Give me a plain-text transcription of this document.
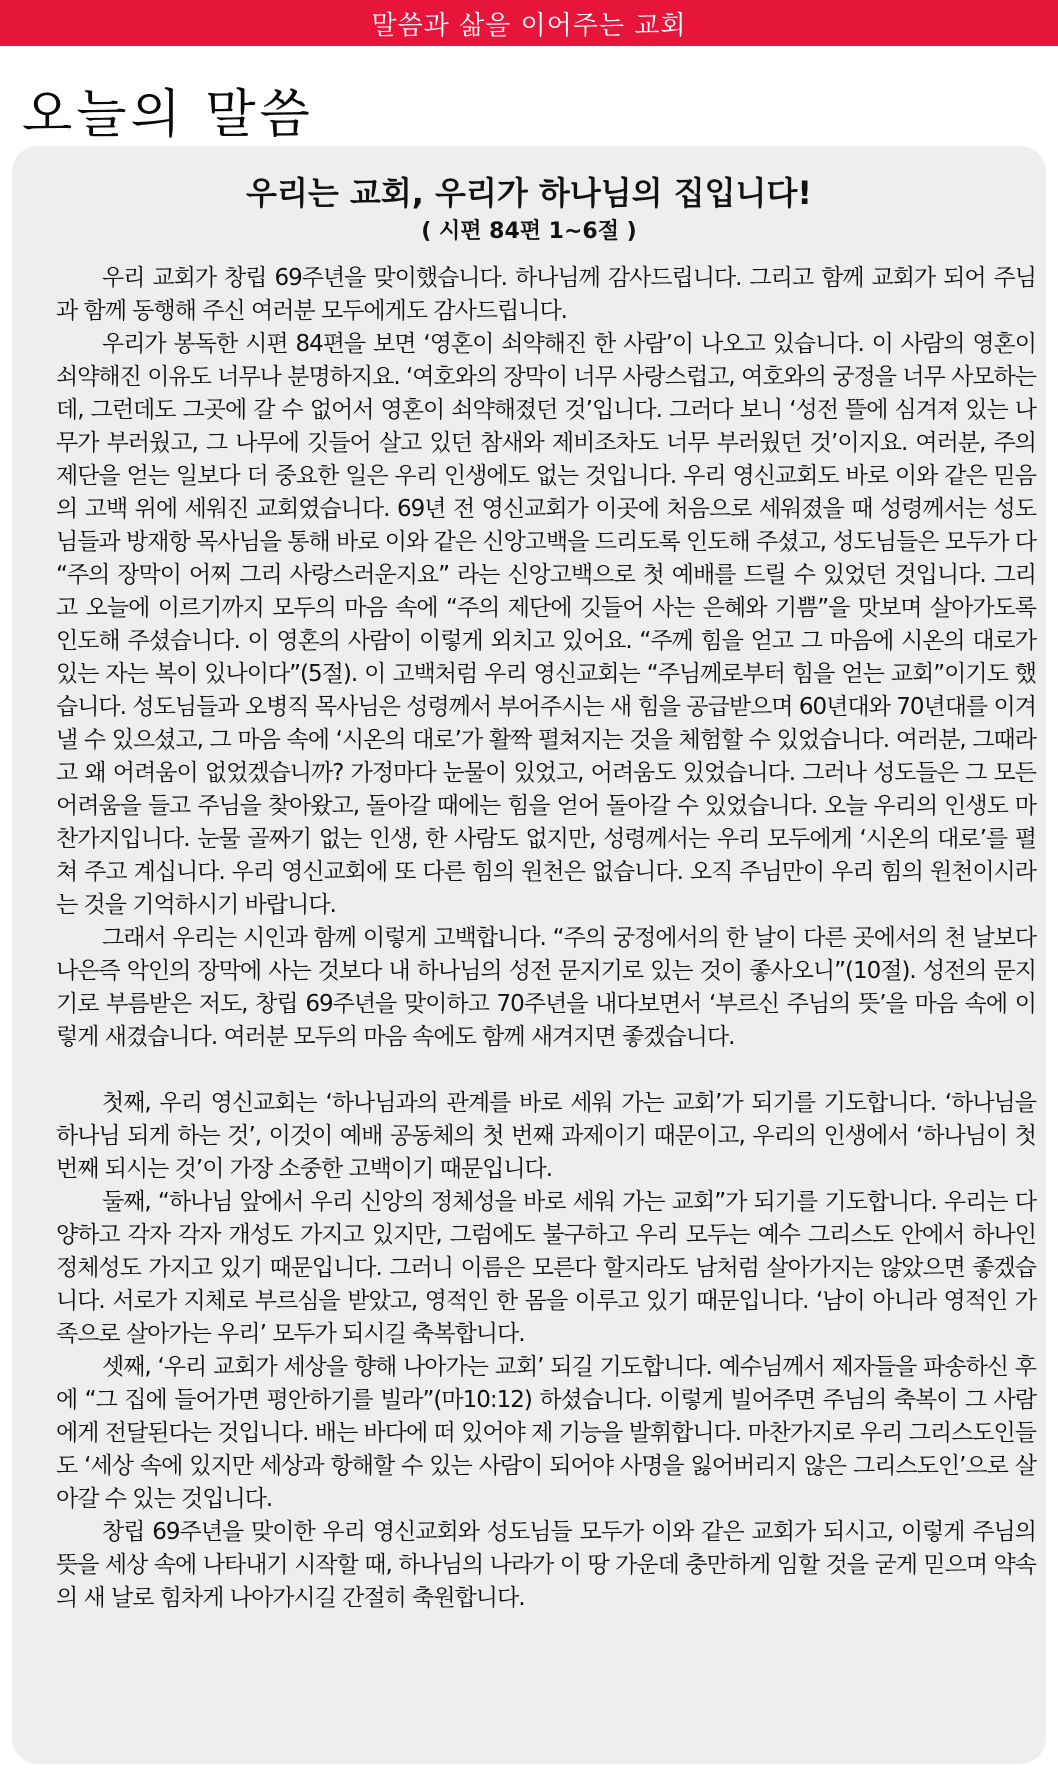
말씀과 삶을 이어주는 교회
오늘의 말씀
우리는 교회, 우리가 하나님의 집입니다!
( 시편 84편 1~6절 )

우리 교회가 창립 69주년을 맞이했습니다. 하나님께 감사드립니다. 그리고 함께 교회가 되어 주님과 함께 동행해 주신 여러분 모두에게도 감사드립니다.

우리가 봉독한 시편 84편을 보면 ‘영혼이 쇠약해진 한 사람’이 나오고 있습니다. 이 사람의 영혼이 쇠약해진 이유도 너무나 분명하지요. ‘여호와의 장막이 너무 사랑스럽고, 여호와의 궁정을 너무 사모하는데, 그런데도 그곳에 갈 수 없어서 영혼이 쇠약해졌던 것’입니다. 그러다 보니 ‘성전 뜰에 심겨져 있는 나무가 부러웠고, 그 나무에 깃들어 살고 있던 참새와 제비조차도 너무 부러웠던 것’이지요. 여러분, 주의 제단을 얻는 일보다 더 중요한 일은 우리 인생에도 없는 것입니다. 우리 영신교회도 바로 이와 같은 믿음의 고백 위에 세워진 교회였습니다. 69년 전 영신교회가 이곳에 처음으로 세워졌을 때 성령께서는 성도님들과 방재항 목사님을 통해 바로 이와 같은 신앙고백을 드리도록 인도해 주셨고, 성도님들은 모두가 다 “주의 장막이 어찌 그리 사랑스러운지요” 라는 신앙고백으로 첫 예배를 드릴 수 있었던 것입니다. 그리고 오늘에 이르기까지 모두의 마음 속에 “주의 제단에 깃들어 사는 은혜와 기쁨”을 맛보며 살아가도록 인도해 주셨습니다. 이 영혼의 사람이 이렇게 외치고 있어요. “주께 힘을 얻고 그 마음에 시온의 대로가 있는 자는 복이 있나이다”(5절). 이 고백처럼 우리 영신교회는 “주님께로부터 힘을 얻는 교회”이기도 했습니다. 성도님들과 오병직 목사님은 성령께서 부어주시는 새 힘을 공급받으며 60년대와 70년대를 이겨낼 수 있으셨고, 그 마음 속에 ‘시온의 대로’가 활짝 펼쳐지는 것을 체험할 수 있었습니다. 여러분, 그때라고 왜 어려움이 없었겠습니까? 가정마다 눈물이 있었고, 어려움도 있었습니다. 그러나 성도들은 그 모든 어려움을 들고 주님을 찾아왔고, 돌아갈 때에는 힘을 얻어 돌아갈 수 있었습니다. 오늘 우리의 인생도 마찬가지입니다. 눈물 골짜기 없는 인생, 한 사람도 없지만, 성령께서는 우리 모두에게 ‘시온의 대로’를 펼쳐 주고 계십니다. 우리 영신교회에 또 다른 힘의 원천은 없습니다. 오직 주님만이 우리 힘의 원천이시라는 것을 기억하시기 바랍니다.

그래서 우리는 시인과 함께 이렇게 고백합니다. “주의 궁정에서의 한 날이 다른 곳에서의 천 날보다 나은즉 악인의 장막에 사는 것보다 내 하나님의 성전 문지기로 있는 것이 좋사오니”(10절). 성전의 문지기로 부름받은 저도, 창립 69주년을 맞이하고 70주년을 내다보면서 ‘부르신 주님의 뜻’을 마음 속에 이렇게 새겼습니다. 여러분 모두의 마음 속에도 함께 새겨지면 좋겠습니다.

첫째, 우리 영신교회는 ‘하나님과의 관계를 바로 세워 가는 교회’가 되기를 기도합니다. ‘하나님을 하나님 되게 하는 것’, 이것이 예배 공동체의 첫 번째 과제이기 때문이고, 우리의 인생에서 ‘하나님이 첫 번째 되시는 것’이 가장 소중한 고백이기 때문입니다.

둘째, “하나님 앞에서 우리 신앙의 정체성을 바로 세워 가는 교회”가 되기를 기도합니다. 우리는 다양하고 각자 각자 개성도 가지고 있지만, 그럼에도 불구하고 우리 모두는 예수 그리스도 안에서 하나인 정체성도 가지고 있기 때문입니다. 그러니 이름은 모른다 할지라도 남처럼 살아가지는 않았으면 좋겠습니다. 서로가 지체로 부르심을 받았고, 영적인 한 몸을 이루고 있기 때문입니다. ‘남이 아니라 영적인 가족으로 살아가는 우리’ 모두가 되시길 축복합니다.

셋째, ‘우리 교회가 세상을 향해 나아가는 교회’ 되길 기도합니다. 예수님께서 제자들을 파송하신 후에 “그 집에 들어가면 평안하기를 빌라”(마10:12) 하셨습니다. 이렇게 빌어주면 주님의 축복이 그 사람에게 전달된다는 것입니다. 배는 바다에 떠 있어야 제 기능을 발휘합니다. 마찬가지로 우리 그리스도인들도 ‘세상 속에 있지만 세상과 항해할 수 있는 사람이 되어야 사명을 잃어버리지 않은 그리스도인’으로 살아갈 수 있는 것입니다.

창립 69주년을 맞이한 우리 영신교회와 성도님들 모두가 이와 같은 교회가 되시고, 이렇게 주님의 뜻을 세상 속에 나타내기 시작할 때, 하나님의 나라가 이 땅 가운데 충만하게 임할 것을 굳게 믿으며 약속의 새 날로 힘차게 나아가시길 간절히 축원합니다.
